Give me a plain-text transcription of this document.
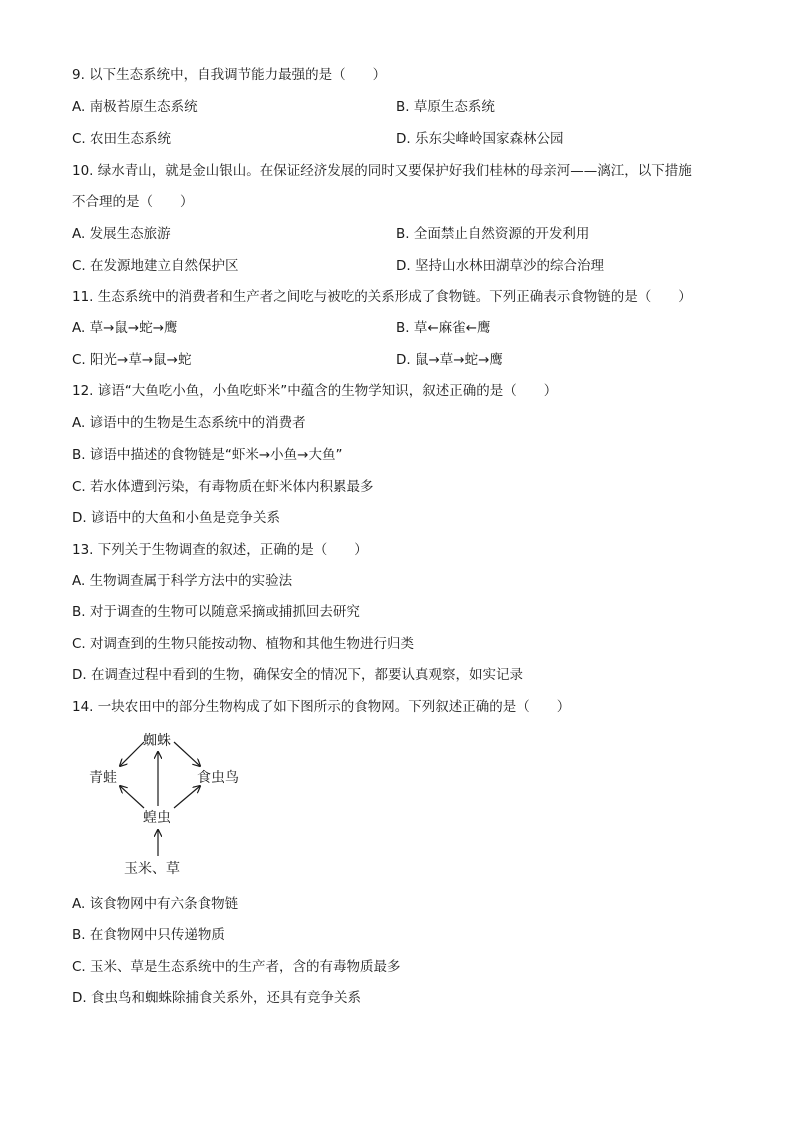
9. 以下生态系统中，自我调节能力最强的是（　　）
A. 南极苔原生态系统	B. 草原生态系统
C. 农田生态系统	D. 乐东尖峰岭国家森林公园
10. 绿水青山，就是金山银山。在保证经济发展的同时又要保护好我们桂林的母亲河——漓江，以下措施
不合理的是（　　）
A. 发展生态旅游	B. 全面禁止自然资源的开发利用
C. 在发源地建立自然保护区	D. 坚持山水林田湖草沙的综合治理
11. 生态系统中的消费者和生产者之间吃与被吃的关系形成了食物链。下列正确表示食物链的是（　　）
A. 草→鼠→蛇→鹰	B. 草←麻雀←鹰
C. 阳光→草→鼠→蛇	D. 鼠→草→蛇→鹰
12. 谚语“大鱼吃小鱼，小鱼吃虾米”中蕴含的生物学知识，叙述正确的是（　　）
A. 谚语中的生物是生态系统中的消费者
B. 谚语中描述的食物链是“虾米→小鱼→大鱼”
C. 若水体遭到污染，有毒物质在虾米体内积累最多
D. 谚语中的大鱼和小鱼是竞争关系
13. 下列关于生物调查的叙述，正确的是（　　）
A. 生物调查属于科学方法中的实验法
B. 对于调查的生物可以随意采摘或捕抓回去研究
C. 对调查到的生物只能按动物、植物和其他生物进行归类
D. 在调查过程中看到的生物，确保安全的情况下，都要认真观察，如实记录
14. 一块农田中的部分生物构成了如下图所示的食物网。下列叙述正确的是（　　）
蜘蛛
青蛙	食虫鸟
蝗虫
玉米、草
A. 该食物网中有六条食物链
B. 在食物网中只传递物质
C. 玉米、草是生态系统中的生产者，含的有毒物质最多
D. 食虫鸟和蜘蛛除捕食关系外，还具有竞争关系
